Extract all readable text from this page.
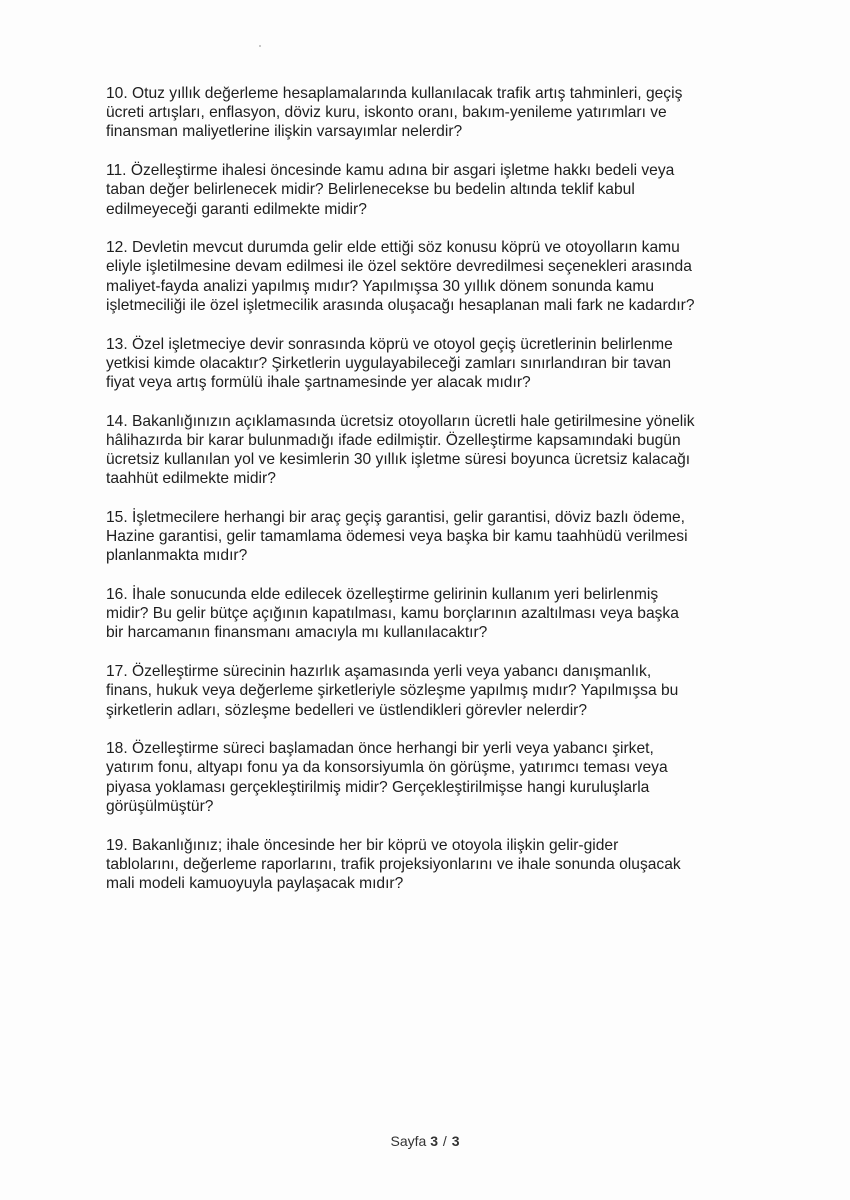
10. Otuz yıllık değerleme hesaplamalarında kullanılacak trafik artış tahminleri, geçiş
ücreti artışları, enflasyon, döviz kuru, iskonto oranı, bakım-yenileme yatırımları ve
finansman maliyetlerine ilişkin varsayımlar nelerdir?
11. Özelleştirme ihalesi öncesinde kamu adına bir asgari işletme hakkı bedeli veya
taban değer belirlenecek midir? Belirlenecekse bu bedelin altında teklif kabul
edilmeyeceği garanti edilmekte midir?
12. Devletin mevcut durumda gelir elde ettiği söz konusu köprü ve otoyolların kamu
eliyle işletilmesine devam edilmesi ile özel sektöre devredilmesi seçenekleri arasında
maliyet-fayda analizi yapılmış mıdır? Yapılmışsa 30 yıllık dönem sonunda kamu
işletmeciliği ile özel işletmecilik arasında oluşacağı hesaplanan mali fark ne kadardır?
13. Özel işletmeciye devir sonrasında köprü ve otoyol geçiş ücretlerinin belirlenme
yetkisi kimde olacaktır? Şirketlerin uygulayabileceği zamları sınırlandıran bir tavan
fiyat veya artış formülü ihale şartnamesinde yer alacak mıdır?
14. Bakanlığınızın açıklamasında ücretsiz otoyolların ücretli hale getirilmesine yönelik
hâlihazırda bir karar bulunmadığı ifade edilmiştir. Özelleştirme kapsamındaki bugün
ücretsiz kullanılan yol ve kesimlerin 30 yıllık işletme süresi boyunca ücretsiz kalacağı
taahhüt edilmekte midir?
15. İşletmecilere herhangi bir araç geçiş garantisi, gelir garantisi, döviz bazlı ödeme,
Hazine garantisi, gelir tamamlama ödemesi veya başka bir kamu taahhüdü verilmesi
planlanmakta mıdır?
16. İhale sonucunda elde edilecek özelleştirme gelirinin kullanım yeri belirlenmiş
midir? Bu gelir bütçe açığının kapatılması, kamu borçlarının azaltılması veya başka
bir harcamanın finansmanı amacıyla mı kullanılacaktır?
17. Özelleştirme sürecinin hazırlık aşamasında yerli veya yabancı danışmanlık,
finans, hukuk veya değerleme şirketleriyle sözleşme yapılmış mıdır? Yapılmışsa bu
şirketlerin adları, sözleşme bedelleri ve üstlendikleri görevler nelerdir?
18. Özelleştirme süreci başlamadan önce herhangi bir yerli veya yabancı şirket,
yatırım fonu, altyapı fonu ya da konsorsiyumla ön görüşme, yatırımcı teması veya
piyasa yoklaması gerçekleştirilmiş midir? Gerçekleştirilmişse hangi kuruluşlarla
görüşülmüştür?
19. Bakanlığınız; ihale öncesinde her bir köprü ve otoyola ilişkin gelir-gider
tablolarını, değerleme raporlarını, trafik projeksiyonlarını ve ihale sonunda oluşacak
mali modeli kamuoyuyla paylaşacak mıdır?
Sayfa 3 / 3
